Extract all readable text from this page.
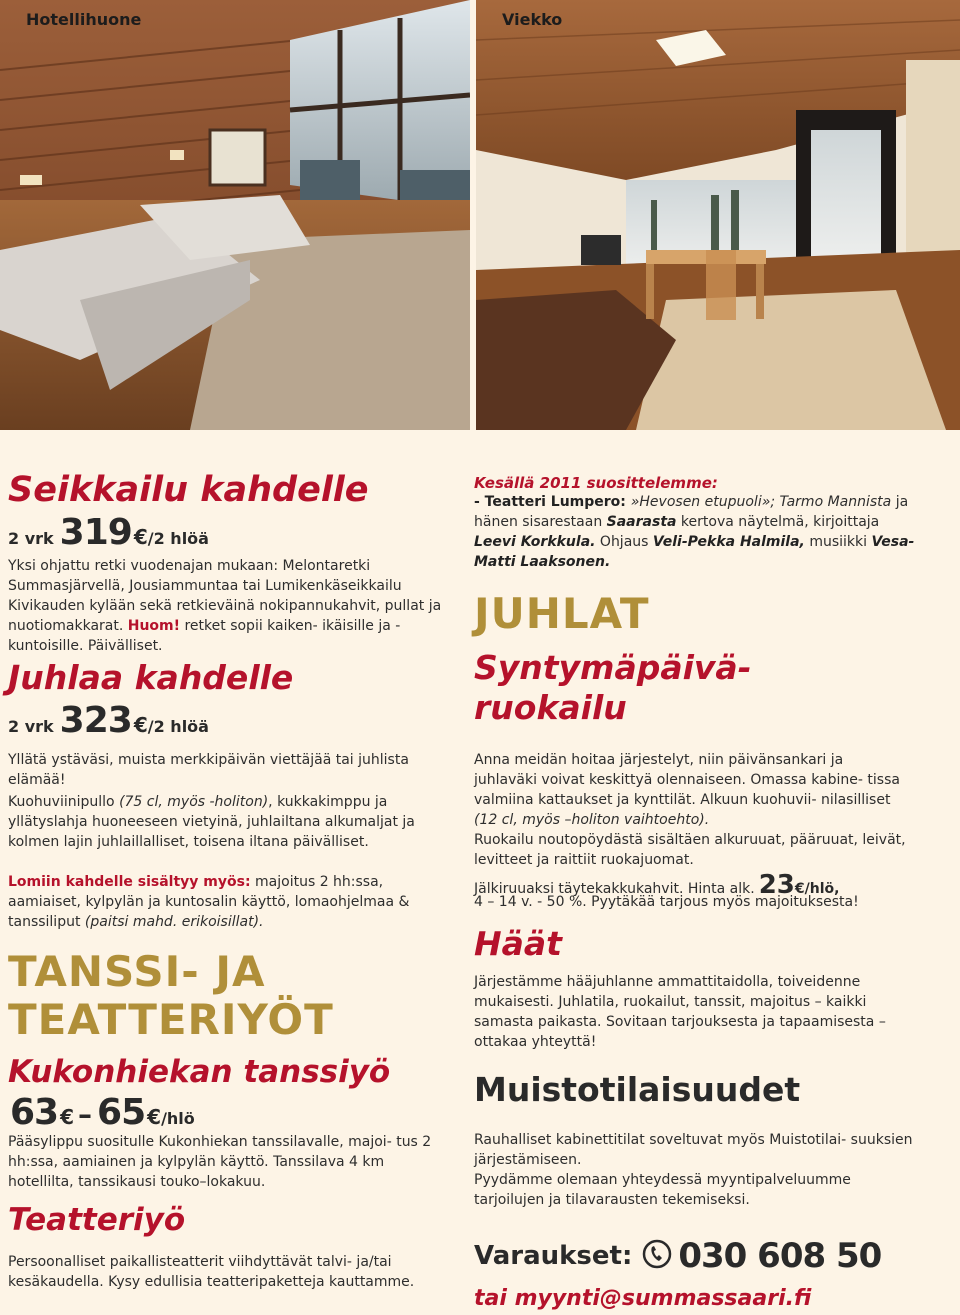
Hotellihuone	Viekko
Seikkailu kahdelle
2 vrk 319 € /2 hlöä

Yksi ohjattu retki vuodenajan mukaan: Melontaretki Summasjärvellä, Jousiammuntaa tai Lumikenkäseikkailu Kivikauden kylään sekä retkieväinä nokipannukahvit, pullat ja nuotiomakkarat. Huom! retket sopii kaiken- ikäisille ja -kuntoisille. Päivälliset.

Juhlaa kahdelle
2 vrk 323 € /2 hlöä

Yllätä ystäväsi, muista merkkipäivän viettäjää tai juhlista elämää!

Kuohuviinipullo (75 cl, myös -holiton), kukkakimppu ja yllätyslahja huoneeseen vietyinä, juhlailtana alkumaljat ja kolmen lajin juhlaillalliset, toisena iltana päivälliset.

Lomiin kahdelle sisältyy myös: majoitus 2 hh:ssa, aamiaiset, kylpylän ja kuntosalin käyttö, lomaohjelmaa & tanssiliput (paitsi mahd. erikoisillat).

TANSSI- JA
TEATTERIYÖT
Kukonhiekan tanssiyö
63 € – 65 € /hlö

Pääsylippu suositulle Kukonhiekan tanssilavalle, majoi- tus 2 hh:ssa, aamiainen ja kylpylän käyttö. Tanssilava 4 km hotellilta, tanssikausi touko–lokakuu.

Teatteriyö

Persoonalliset paikallisteatterit viihdyttävät talvi- ja/tai kesäkaudella. Kysy edullisia teatteripaketteja kauttamme.

Kesällä 2011 suosittelemme:

- Teatteri Lumpero: »Hevosen etupuoli»; Tarmo Mannista ja hänen sisarestaan Saarasta kertova näytelmä, kirjoittaja Leevi Korkkula. Ohjaus Veli-Pekka Halmila, musiikki Vesa-Matti Laaksonen.

JUHLAT
Syntymäpäivä-
ruokailu

Anna meidän hoitaa järjestelyt, niin päivänsankari ja juhlaväki voivat keskittyä olennaiseen. Omassa kabine- tissa valmiina kattaukset ja kynttilät. Alkuun kuohuvii- nilasilliset (12 cl, myös –holiton vaihtoehto).

Ruokailu noutopöydästä sisältäen alkuruuat, pääruuat, leivät, levitteet ja raittiit ruokajuomat.

Jälkiruuaksi täytekakkukahvit. Hinta alk. 23 € /hlö,

4 – 14 v. - 50 %. Pyytäkää tarjous myös majoituksesta!

Häät

Järjestämme hääjuhlanne ammattitaidolla, toiveidenne mukaisesti. Juhlatila, ruokailut, tanssit, majoitus – kaikki samasta paikasta. Sovitaan tarjouksesta ja tapaamisesta – ottakaa yhteyttä!

Muistotilaisuudet

Rauhalliset kabinettitilat soveltuvat myös Muistotilai- suuksien järjestämiseen.

Pyydämme olemaan yhteydessä myyntipalveluumme tarjoilujen ja tilavarausten tekemiseksi.

Varaukset: 030 608 50
tai myynti@summassaari.fi
